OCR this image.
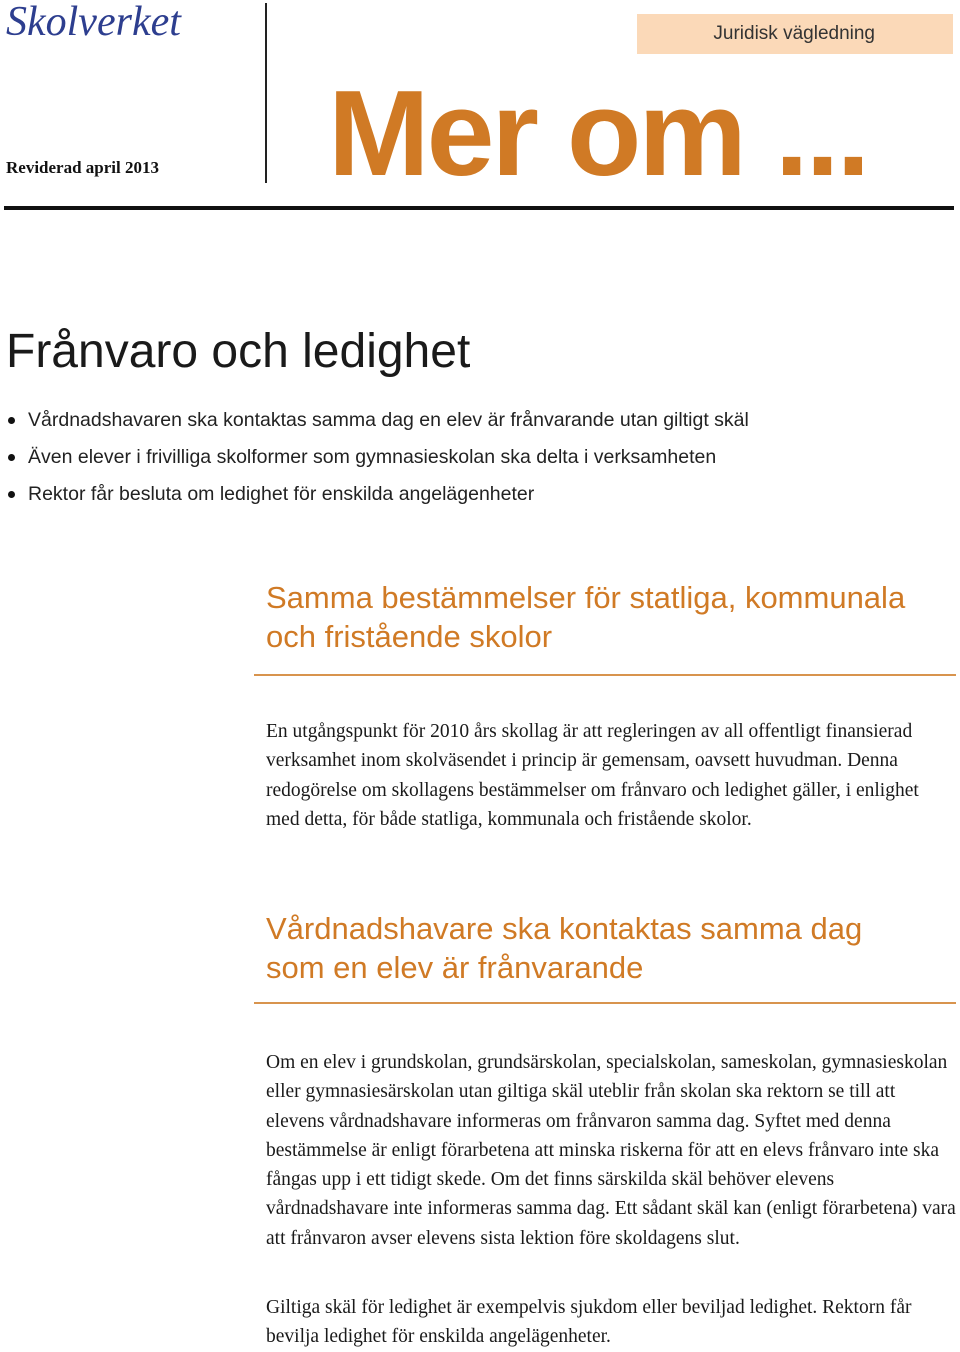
Skolverket
Reviderad april 2013
Juridisk vägledning
Mer om ...
Frånvaro och ledighet
Vårdnadshavaren ska kontaktas samma dag en elev är frånvarande utan giltigt skäl
Även elever i frivilliga skolformer som gymnasieskolan ska delta i verksamheten
Rektor får besluta om ledighet för enskilda angelägenheter
Samma bestämmelser för statliga, kommunala
och fristående skolor

En utgångspunkt för 2010 års skollag är att regleringen av all offentligt finansierad verksamhet inom skolväsendet i princip är gemensam, oavsett huvudman. Denna redogörelse om skollagens bestämmelser om frånvaro och ledighet gäller, i enlighet med detta, för både statliga, kommunala och fristående skolor.

Vårdnadshavare ska kontaktas samma dag
som en elev är frånvarande

Om en elev i grundskolan, grundsärskolan, specialskolan, sameskolan, gymnasieskolan eller gymnasiesärskolan utan giltiga skäl uteblir från skolan ska rektorn se till att elevens vårdnadshavare informeras om frånvaron samma dag. Syftet med denna bestämmelse är enligt förarbetena att minska riskerna för att en elevs frånvaro inte ska fångas upp i ett tidigt skede. Om det finns särskilda skäl behöver elevens vårdnadshavare inte informeras samma dag. Ett sådant skäl kan (enligt förarbetena) vara att frånvaron avser elevens sista lektion före skoldagens slut.

Giltiga skäl för ledighet är exempelvis sjukdom eller beviljad ledighet. Rektorn får bevilja ledighet för enskilda angelägenheter.
